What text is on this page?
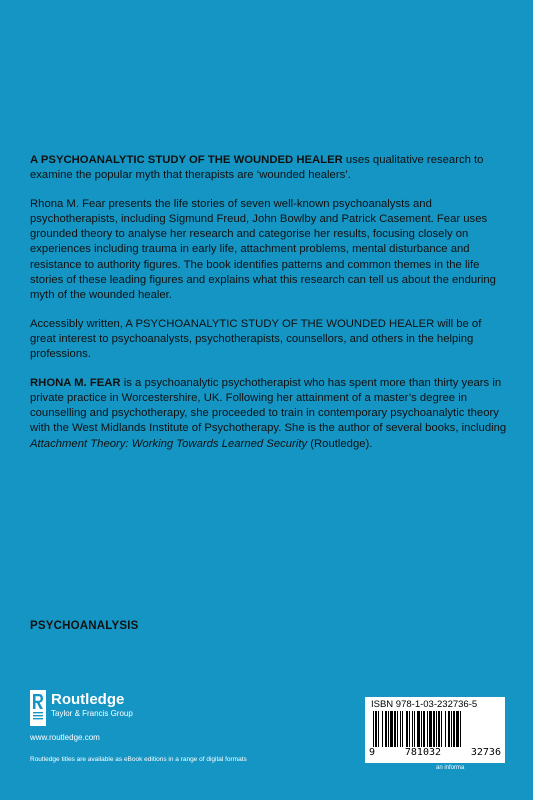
A PSYCHOANALYTIC STUDY OF THE WOUNDED HEALER uses qualitative research to examine the popular myth that therapists are ‘wounded healers’.

Rhona M. Fear presents the life stories of seven well-known psychoanalysts and psychotherapists, including Sigmund Freud, John Bowlby and Patrick Casement. Fear uses grounded theory to analyse her research and categorise her results, focusing closely on experiences including trauma in early life, attachment problems, mental disturbance and resistance to authority figures. The book identifies patterns and common themes in the life stories of these leading figures and explains what this research can tell us about the enduring myth of the wounded healer.

Accessibly written, A PSYCHOANALYTIC STUDY OF THE WOUNDED HEALER will be of great interest to psychoanalysts, psychotherapists, counsellors, and others in the helping professions.

RHONA M. FEAR is a psychoanalytic psychotherapist who has spent more than thirty years in private practice in Worcestershire, UK. Following her attainment of a master’s degree in counselling and psychotherapy, she proceeded to train in contemporary psychoanalytic theory with the West Midlands Institute of Psychotherapy. She is the author of several books, including Attachment Theory: Working Towards Learned Security (Routledge).

PSYCHOANALYSIS
Routledge
Taylor & Francis Group
www.routledge.com
Routledge titles are available as eBook editions in a range of digital formats
ISBN 978-1-03-232736-5
9	781032	32736
an informa
